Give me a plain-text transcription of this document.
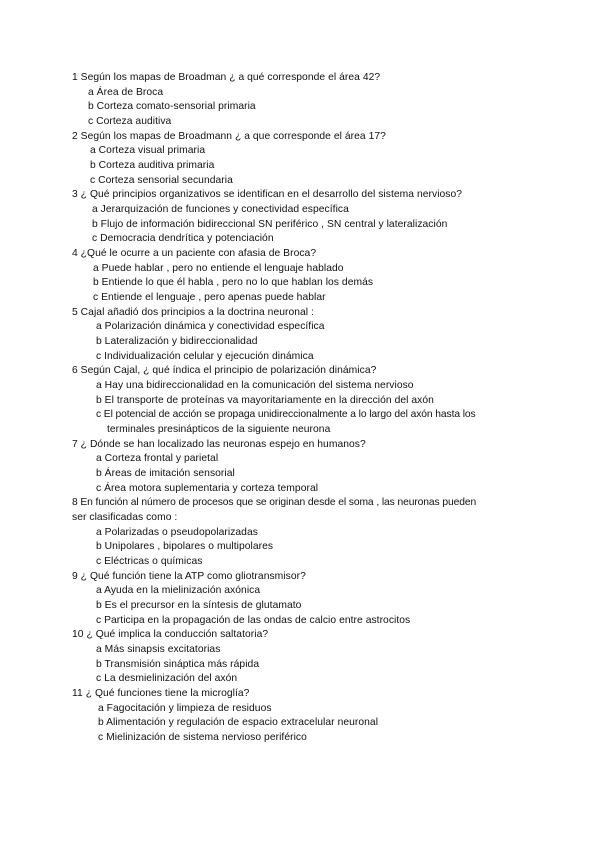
1 Según los mapas de Broadman ¿ a qué corresponde el área 42?
a Área de Broca
b Corteza comato-sensorial primaria
c Corteza auditiva
2 Según los mapas de Broadmann ¿ a que corresponde el área 17?
a Corteza visual primaria
b Corteza auditiva primaria
c Corteza sensorial secundaria
3 ¿ Qué principios organizativos se identifican en el desarrollo del sistema nervioso?
a Jerarquización de funciones y conectividad específica
b Flujo de información bidireccional SN periférico , SN central y lateralización
c Democracia dendrítica y potenciación
4 ¿Qué le ocurre a un paciente con afasia de Broca?
a Puede hablar , pero no entiende el lenguaje hablado
b Entiende lo que él habla , pero no lo que hablan los demás
c Entiende el lenguaje , pero apenas puede hablar
5 Cajal añadió dos principios a la doctrina neuronal :
a Polarización dinámica y conectividad específica
b Lateralización y bidireccionalidad
c Individualización celular y ejecución dinámica
6 Según Cajal, ¿ qué índica el principio de polarización dinámica?
a Hay una bidireccionalidad en la comunicación del sistema nervioso
b El transporte de proteínas va mayoritariamente en la dirección del axón
c El potencial de acción se propaga unidireccionalmente a lo largo del axón hasta los
terminales presinápticos de la siguiente neurona
7 ¿ Dónde se han localizado las neuronas espejo en humanos?
a Corteza frontal y parietal
b Áreas de imitación sensorial
c Área motora suplementaria y corteza temporal
8 En función al número de procesos que se originan desde el soma , las neuronas pueden
ser clasificadas como :
a Polarizadas o pseudopolarizadas
b Unipolares , bipolares o multipolares
c Eléctricas o químicas
9 ¿ Qué función tiene la ATP como gliotransmisor?
a Ayuda en la mielinización axónica
b Es el precursor en la síntesis de glutamato
c Participa en la propagación de las ondas de calcio entre astrocitos
10 ¿ Qué implica la conducción saltatoria?
a Más sinapsis excitatorias
b Transmisión sináptica más rápida
c La desmielinización del axón
11 ¿ Qué funciones tiene la microglía?
a Fagocitación y limpieza de residuos
b Alimentación y regulación de espacio extracelular neuronal
c Mielinización de sistema nervioso periférico
